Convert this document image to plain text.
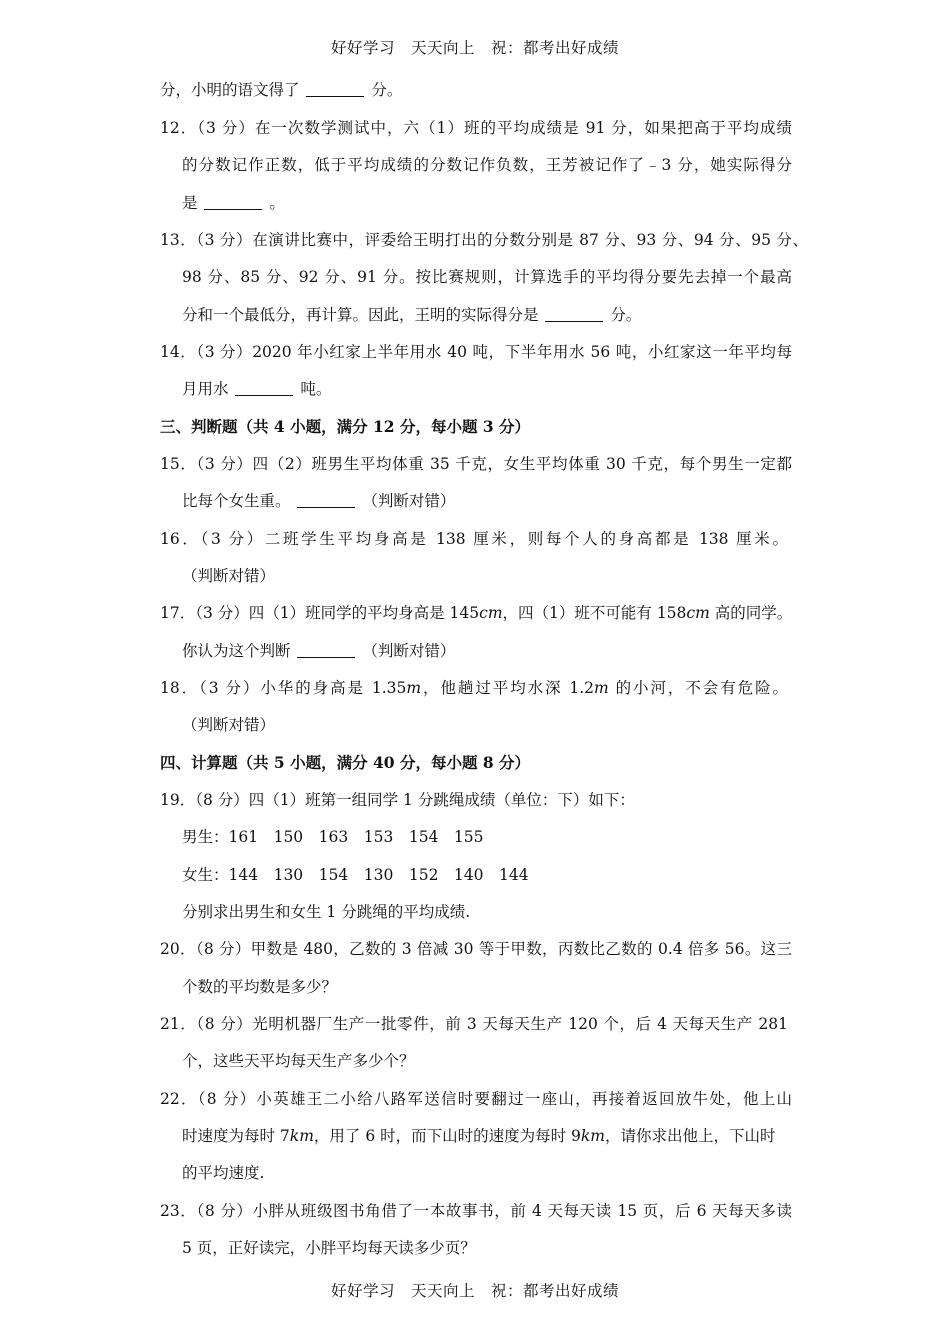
好好学习　天天向上　祝：都考出好成绩
分，小明的语文得了	分。
12．（3 分）在一次数学测试中，六（1）班的平均成绩是 91 分，如果把高于平均成绩
的分数记作正数，低于平均成绩的分数记作负数，王芳被记作了﹣3 分，她实际得分
是	。
13．（3 分）在演讲比赛中，评委给王明打出的分数分别是 87 分、93 分、94 分、95 分、
98 分、85 分、92 分、91 分。按比赛规则，计算选手的平均得分要先去掉一个最高
分和一个最低分，再计算。因此，王明的实际得分是	分。
14．（3 分）2020 年小红家上半年用水 40 吨，下半年用水 56 吨，小红家这一年平均每
月用水	吨。
三、判断题（共 4 小题，满分 12 分，每小题 3 分）
15．（3 分）四（2）班男生平均体重 35 千克，女生平均体重 30 千克，每个男生一定都
比每个女生重。	（判断对错）
16．（3 分）二班学生平均身高是 138 厘米，则每个人的身高都是 138 厘米。
（判断对错）
17．（3 分）四（1）班同学的平均身高是 145cm，四（1）班不可能有 158cm 高的同学。
你认为这个判断	（判断对错）
18．（3 分）小华的身高是 1.35m，他趟过平均水深 1.2m 的小河，不会有危险。
（判断对错）
四、计算题（共 5 小题，满分 40 分，每小题 8 分）
19．（8 分）四（1）班第一组同学 1 分跳绳成绩（单位：下）如下：
男生：161　150　163　153　154　155
女生：144　130　154　130　152　140　144
分别求出男生和女生 1 分跳绳的平均成绩.
20．（8 分）甲数是 480，乙数的 3 倍减 30 等于甲数，丙数比乙数的 0.4 倍多 56。这三
个数的平均数是多少？
21．（8 分）光明机器厂生产一批零件，前 3 天每天生产 120 个，后 4 天每天生产 281
个，这些天平均每天生产多少个？
22．（8 分）小英雄王二小给八路军送信时要翻过一座山，再接着返回放牛处，他上山
时速度为每时 7km，用了 6 时，而下山时的速度为每时 9km，请你求出他上，下山时
的平均速度.
23．（8 分）小胖从班级图书角借了一本故事书，前 4 天每天读 15 页，后 6 天每天多读
5 页，正好读完，小胖平均每天读多少页？
好好学习　天天向上　祝：都考出好成绩
